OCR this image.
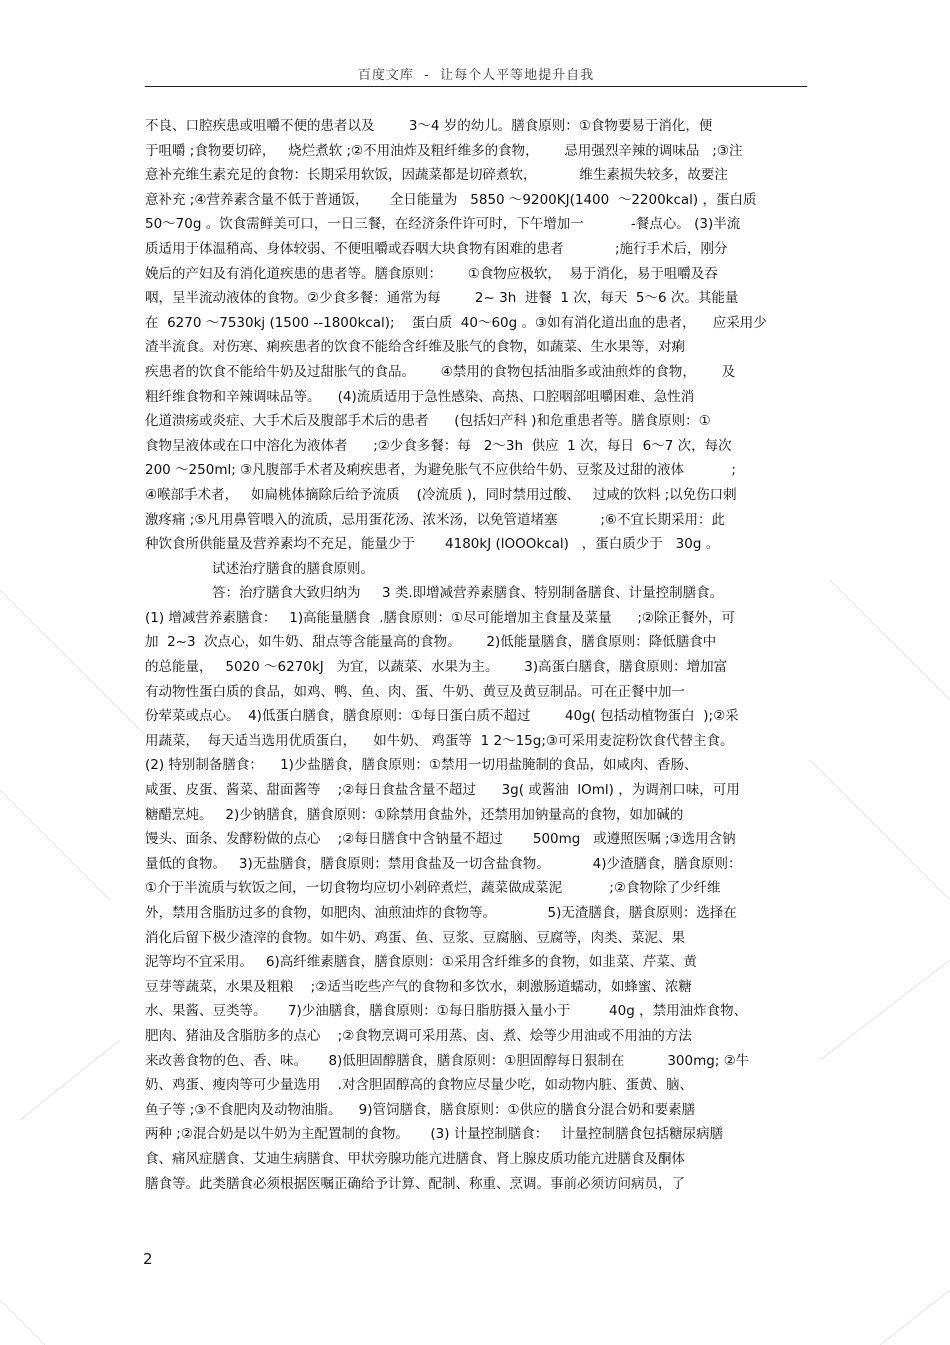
百度文库  -  让每个人平等地提升自我
不良、口腔疾患或咀嚼不便的患者以及        3～4 岁的幼儿。膳食原则：①食物要易于消化，便
于咀嚼 ;食物要切碎，   烧烂煮软 ;②不用油炸及粗纤维多的食物，      忌用强烈辛辣的调味品   ;③注
意补充维生素充足的食物：长期采用软饭，因蔬菜都是切碎煮软，          维生素损失较多，故要注
意补充 ;④营养素含量不低于普通饭，     全日能量为   5850 ～9200KJ(1400  ～2200kcal) ，蛋白质
50～70g 。饮食需鲜美可口，一日三餐，在经济条件许可时，下午增加一           -餐点心。 (3)半流
质适用于体温稍高、身体较弱、不便咀嚼或吞咽大块食物有困难的患者            ;施行手术后，刚分
娩后的产妇及有消化道疾患的患者等。膳食原则：      ①食物应极软，  易于消化，易于咀嚼及吞
咽，呈半流动液体的食物。②少食多餐：通常为每        2~ 3h  进餐  1 次，每天  5～6 次。其能量
在  6270 ～7530kj (1500 --1800kcal);    蛋白质  40～60g 。③如有消化道出血的患者，    应采用少
渣半流食。对伤寒、痢疾患者的饮食不能给含纤维及胀气的食物，如蔬菜、生水果等，对痢
疾患者的饮食不能给牛奶及过甜胀气的食品。      ④禁用的食物包括油脂多或油煎炸的食物，      及
粗纤维食物和辛辣调味品等。    (4)流质适用于急性感染、高热、口腔咽部咀嚼困难、急性消
化道溃疡或炎症、大手术后及腹部手术后的患者      (包括妇产科 )和危重患者等。膳食原则：①
食物呈液体或在口中溶化为液体者      ;②少食多餐：每   2～3h  供应  1 次，每日  6～7 次，每次
200 ～250ml; ③凡腹部手术者及痢疾患者，为避免胀气不应供给牛奶、豆浆及过甜的液体           ;
④喉部手术者，   如扁桃体摘除后给予流质    (冷流质 )，同时禁用过酸、   过咸的饮料 ;以免伤口刺
激疼痛 ;⑤凡用鼻管喂入的流质，忌用蛋花汤、浓米汤，以免管道堵塞          ;⑥不宜长期采用：此
种饮食所供能量及营养素均不充足，能量少于       4180kJ (lOOOkcal)   ，蛋白质少于   30g 。
试述治疗膳食的膳食原则。
答：治疗膳食大致归纳为     3 类.即增减营养素膳食、特别制备膳食、计量控制膳食。
(1) 增减营养素膳食：   1)高能量膳食  .膳食原则：①尽可能增加主食量及菜量      ;②除正餐外，可
加  2~3  次点心，如牛奶、甜点等含能量高的食物。      2)低能量膳食，膳食原则：降低膳食中
的总能量，   5020 ～6270kJ   为宜，以蔬菜、水果为主。      3)高蛋白膳食，膳食原则：增加富
有动物性蛋白质的食品，如鸡、鸭、鱼、肉、蛋、牛奶、黄豆及黄豆制品。可在正餐中加一
份荤菜或点心。  4)低蛋白膳食，膳食原则：①每日蛋白质不超过        40g( 包括动植物蛋白  );②采
用蔬菜，  每天适当选用优质蛋白，    如牛奶、 鸡蛋等  1 2～15g;③可采用麦淀粉饮食代替主食。
(2) 特别制备膳食：    1)少盐膳食，膳食原则：①禁用一切用盐腌制的食品，如咸肉、香肠、
咸蛋、皮蛋、酱菜、甜面酱等    ;②每日食盐含量不超过      3g( 或酱油  lOml) ，为调剂口味，可用
糖醋烹炖。   2)少钠膳食，膳食原则：①除禁用食盐外，还禁用加钠量高的食物，如加碱的
馒头、面条、发酵粉做的点心    ;②每日膳食中含钠量不超过       500mg   或遵照医嘱 ;③选用含钠
量低的食物。   3)无盐膳食，膳食原则：禁用食盐及一切含盐食物。          4)少渣膳食，膳食原则：
①介于半流质与软饭之间，一切食物均应切小剁碎煮烂，蔬菜做成菜泥           ;②食物除了少纤维
外，禁用含脂肪过多的食物，如肥肉、油煎油炸的食物等。            5)无渣膳食，膳食原则：选择在
消化后留下极少渣滓的食物。如牛奶、鸡蛋、鱼、豆浆、豆腐脑、豆腐等，肉类、菜泥、果
泥等均不宜采用。   6)高纤维素膳食，膳食原则：①采用含纤维多的食物，如韭菜、芹菜、黄
豆芽等蔬菜，水果及粗粮    ;②适当吃些产气的食物和多饮水，刺激肠道蠕动，如蜂蜜、浓糖
水、果酱、豆类等。     7)少油膳食，膳食原则：①每日脂肪摄入量小于         40g ，禁用油炸食物、
肥肉、猪油及含脂肪多的点心    ;②食物烹调可采用蒸、卤、煮、烩等少用油或不用油的方法
来改善食物的色、香、味。     8)低胆固醇膳食，膳食原则：①胆固醇每日狠制在          300mg; ②牛
奶、鸡蛋、瘦肉等可少量选用    .对含胆固醇高的食物应尽量少吃，如动物内脏、蛋黄、脑、
鱼子等 ;③不食肥肉及动物油脂。    9)管饲膳食，膳食原则：①供应的膳食分混合奶和要素膳
两种 ;②混合奶是以牛奶为主配置制的食物。     (3) 计量控制膳食：   计量控制膳食包括糖尿病膳
食、痛风症膳食、艾迪生病膳食、甲状旁腺功能亢进膳食、肾上腺皮质功能亢进膳食及酮体
膳食等。此类膳食必须根据医嘱正确给予计算、配制、称重、烹调。事前必须访问病员，了
2
